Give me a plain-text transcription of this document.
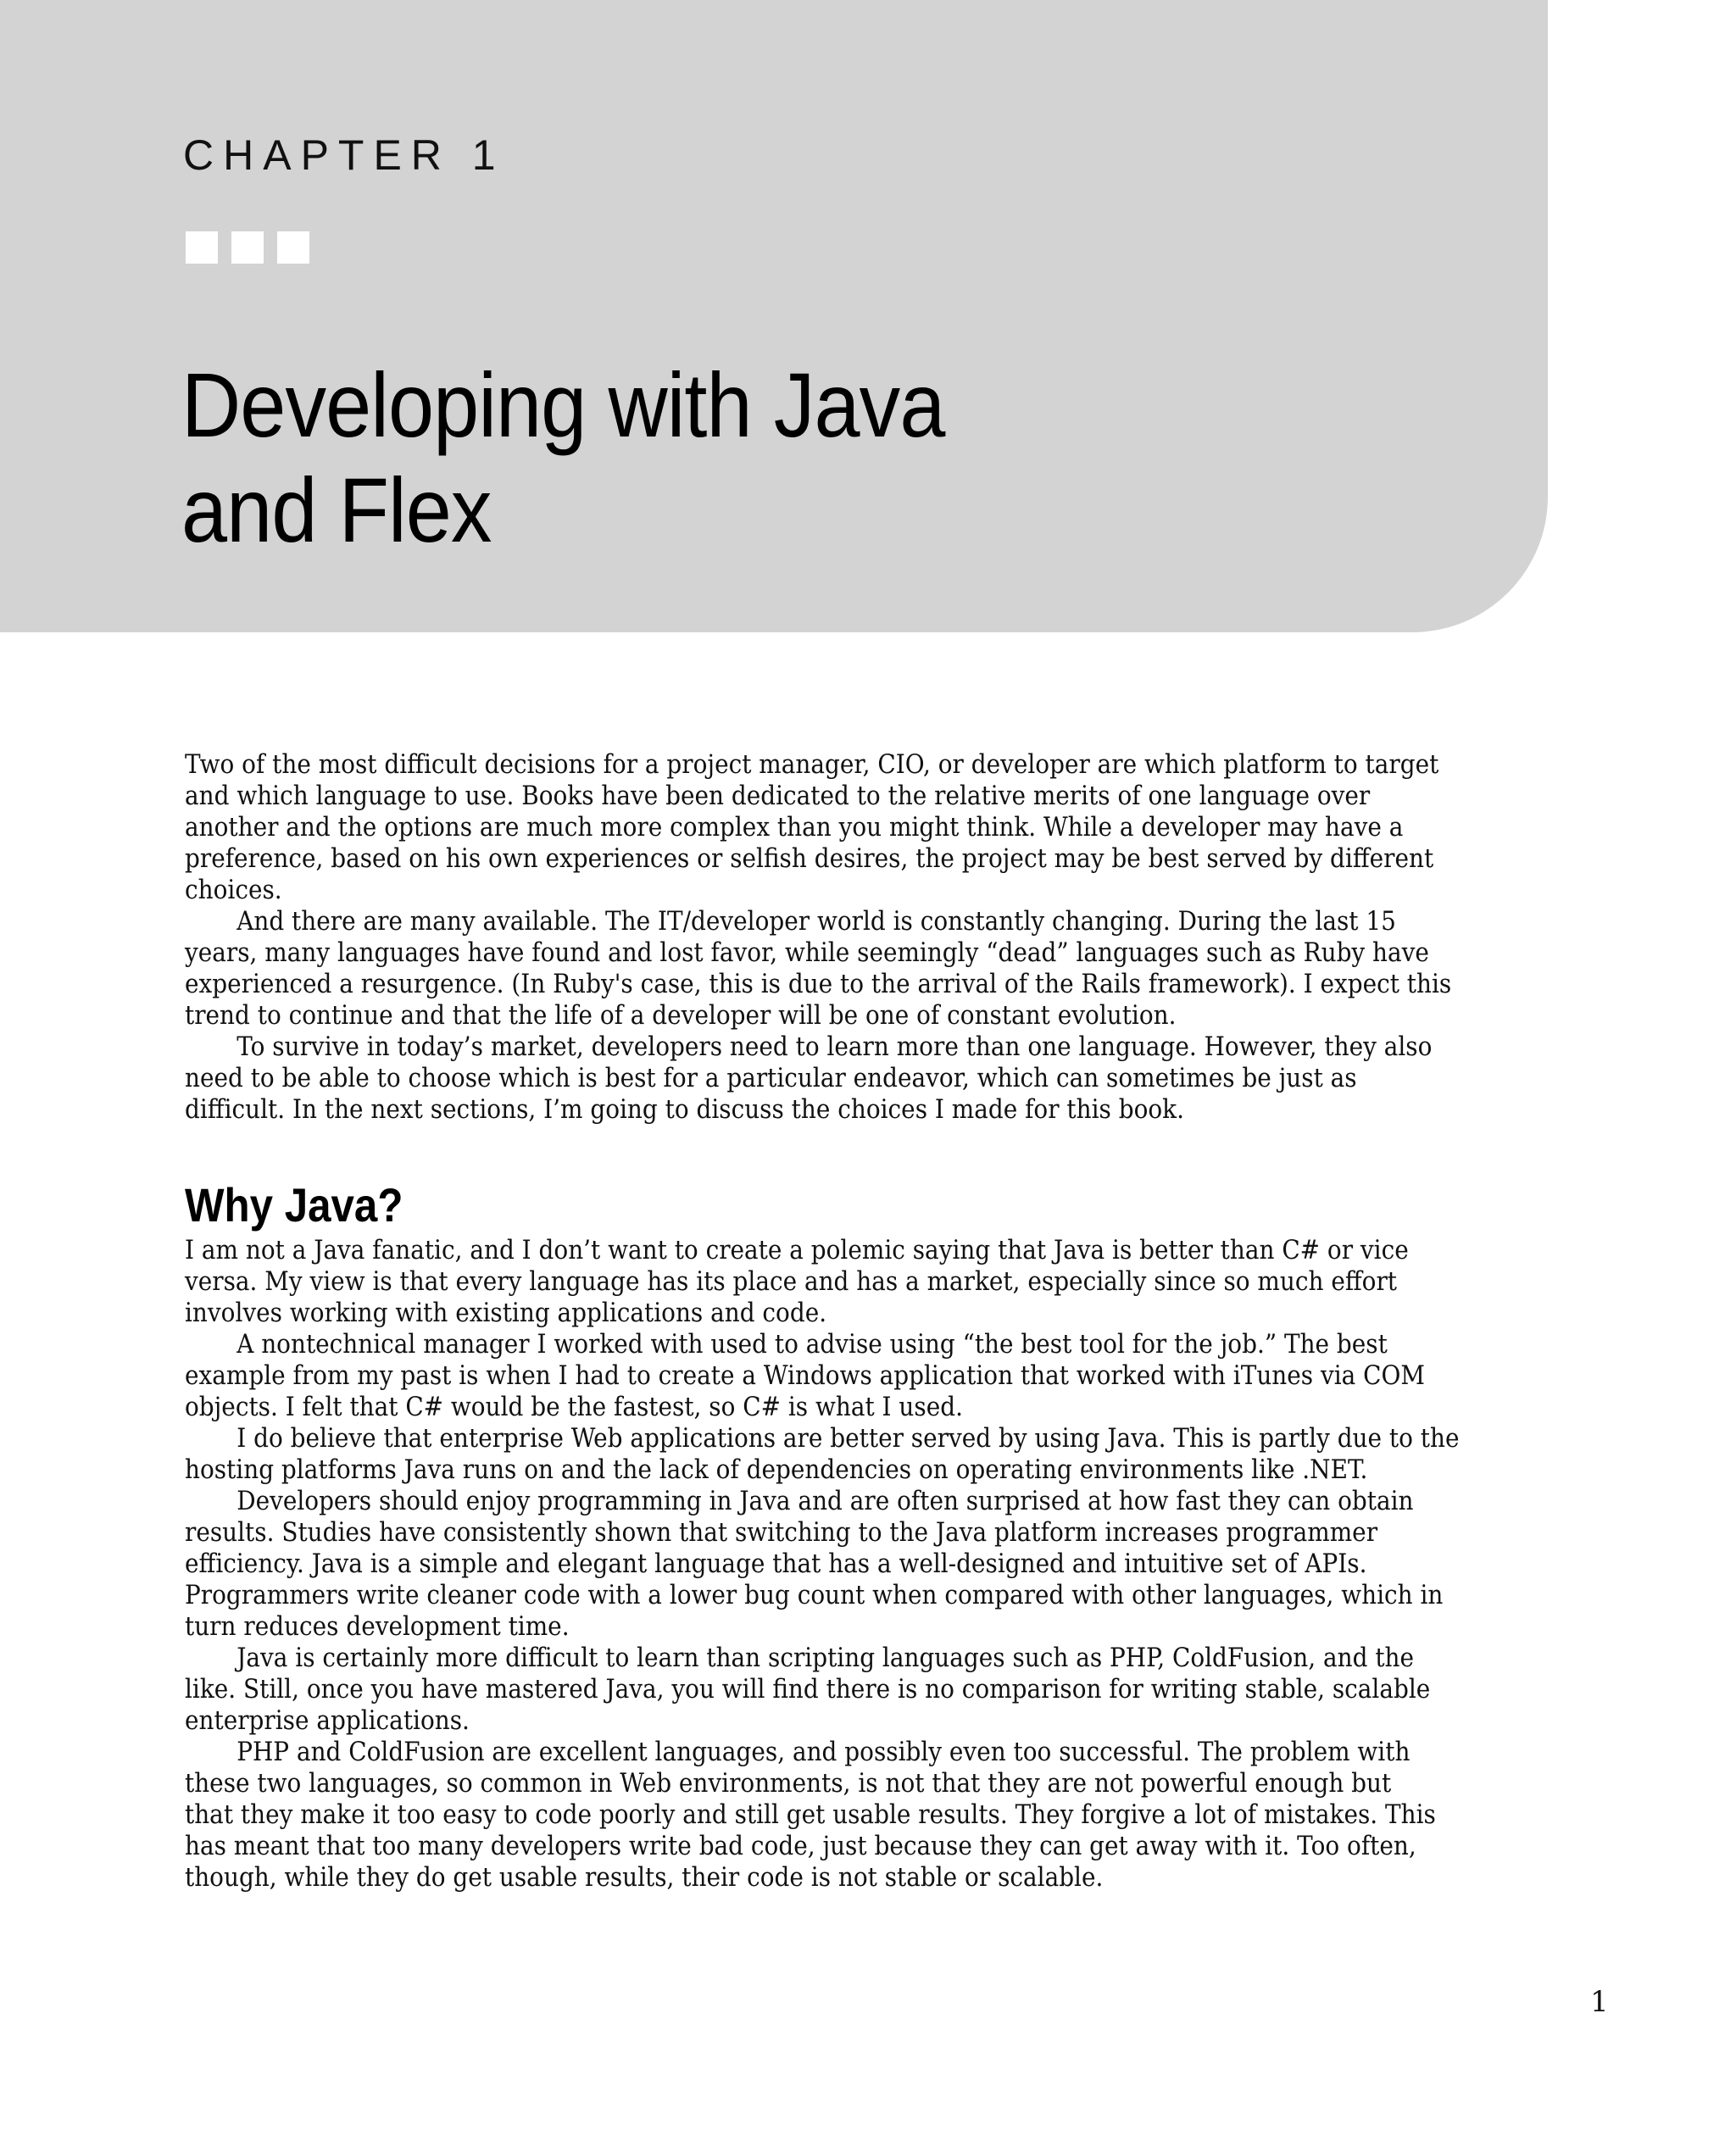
CHAPTER 1
Developing with Java
and Flex

Two of the most difficult decisions for a project manager, CIO, or developer are which platform to target
and which language to use. Books have been dedicated to the relative merits of one language over
another and the options are much more complex than you might think. While a developer may have a
preference, based on his own experiences or selfish desires, the project may be best served by different
choices.

And there are many available. The IT/developer world is constantly changing. During the last 15
years, many languages have found and lost favor, while seemingly “dead” languages such as Ruby have
experienced a resurgence. (In Ruby's case, this is due to the arrival of the Rails framework). I expect this
trend to continue and that the life of a developer will be one of constant evolution.

To survive in today’s market, developers need to learn more than one language. However, they also
need to be able to choose which is best for a particular endeavor, which can sometimes be just as
difficult. In the next sections, I’m going to discuss the choices I made for this book.

Why Java?

I am not a Java fanatic, and I don’t want to create a polemic saying that Java is better than C# or vice
versa. My view is that every language has its place and has a market, especially since so much effort
involves working with existing applications and code.

A nontechnical manager I worked with used to advise using “the best tool for the job.” The best
example from my past is when I had to create a Windows application that worked with iTunes via COM
objects. I felt that C# would be the fastest, so C# is what I used.

I do believe that enterprise Web applications are better served by using Java. This is partly due to the
hosting platforms Java runs on and the lack of dependencies on operating environments like .NET.

Developers should enjoy programming in Java and are often surprised at how fast they can obtain
results. Studies have consistently shown that switching to the Java platform increases programmer
efficiency. Java is a simple and elegant language that has a well-designed and intuitive set of APIs.
Programmers write cleaner code with a lower bug count when compared with other languages, which in
turn reduces development time.

Java is certainly more difficult to learn than scripting languages such as PHP, ColdFusion, and the
like. Still, once you have mastered Java, you will find there is no comparison for writing stable, scalable
enterprise applications.

PHP and ColdFusion are excellent languages, and possibly even too successful. The problem with
these two languages, so common in Web environments, is not that they are not powerful enough but
that they make it too easy to code poorly and still get usable results. They forgive a lot of mistakes. This
has meant that too many developers write bad code, just because they can get away with it. Too often,
though, while they do get usable results, their code is not stable or scalable.

1
